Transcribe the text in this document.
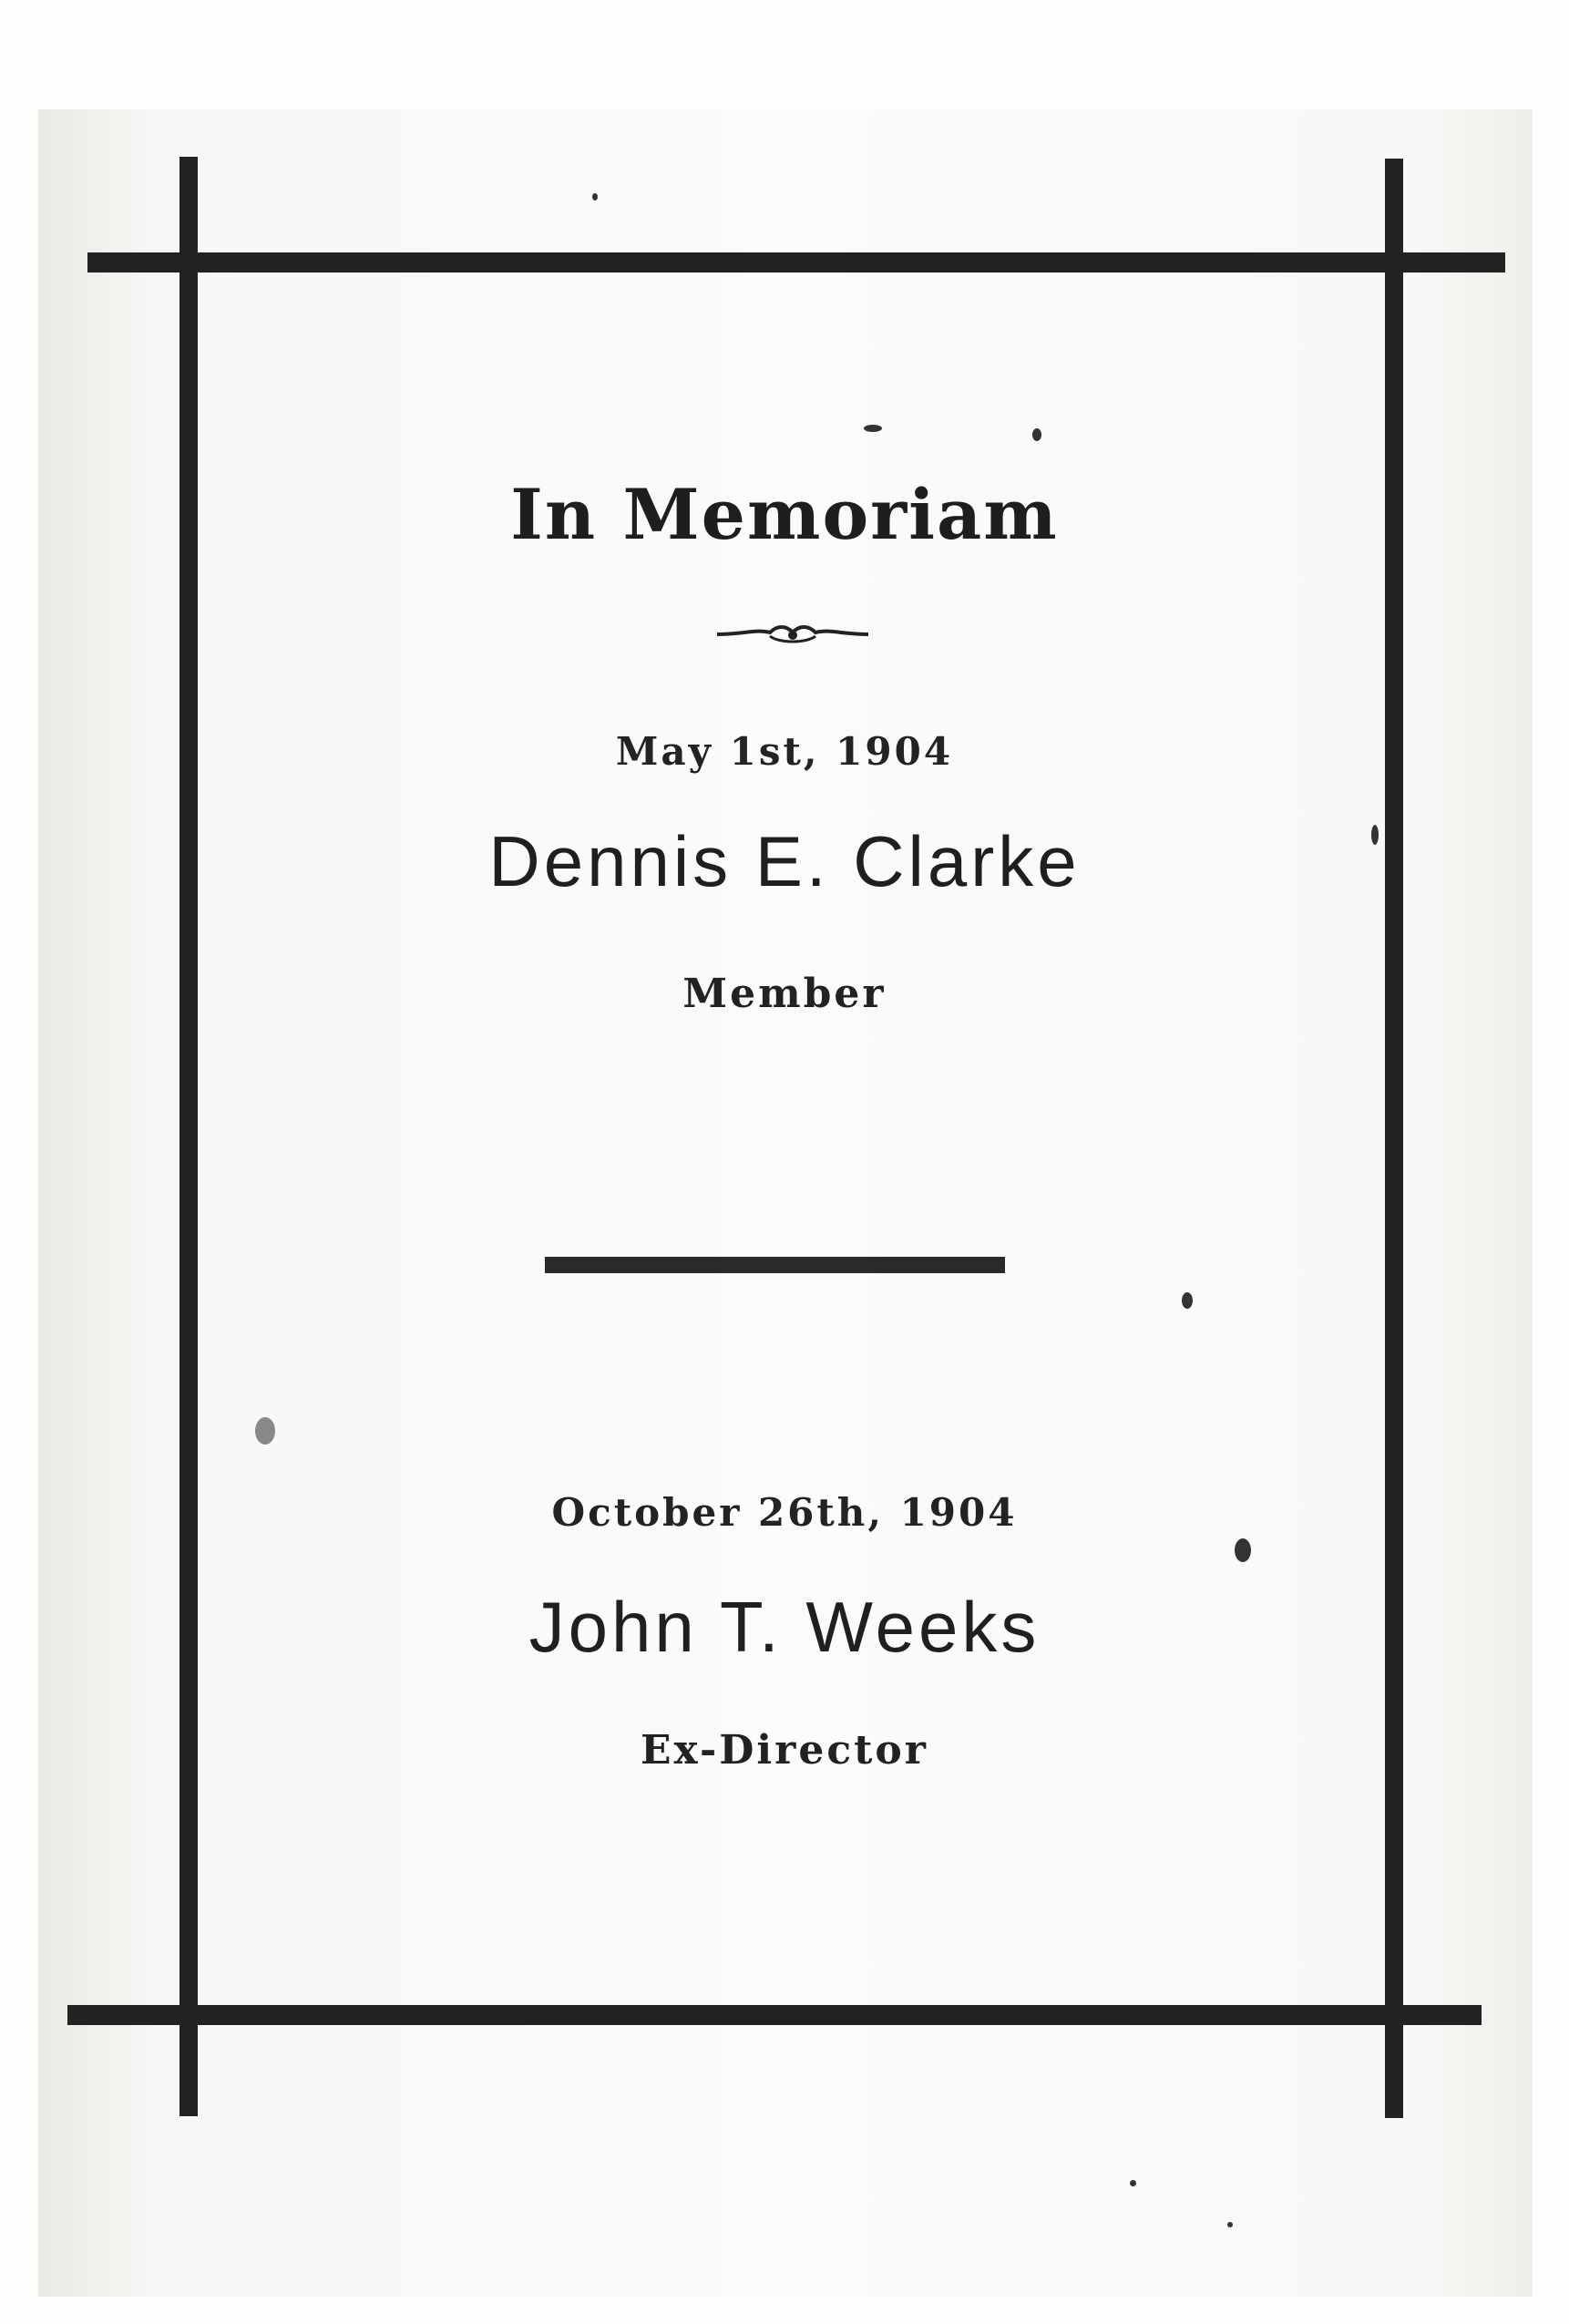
In Memoriam
May 1st, 1904
Dennis E. Clarke
Member
October 26th, 1904
John T. Weeks
Ex-Director
